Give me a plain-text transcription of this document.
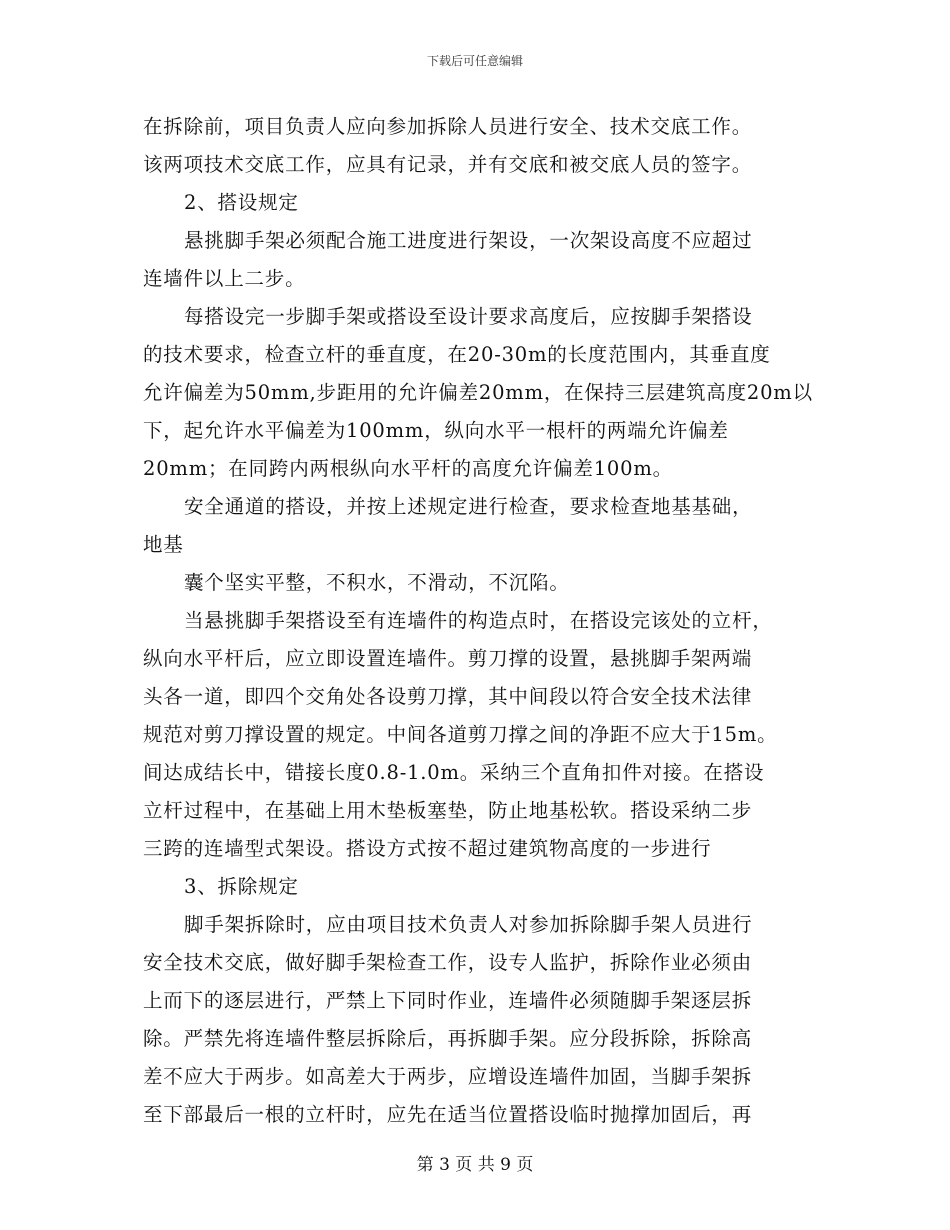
下载后可任意编辑
在拆除前，项目负责人应向参加拆除人员进行安全、技术交底工作。
该两项技术交底工作，应具有记录，并有交底和被交底人员的签字。
2、搭设规定
悬挑脚手架必须配合施工进度进行架设，一次架设高度不应超过
连墙件以上二步。
每搭设完一步脚手架或搭设至设计要求高度后，应按脚手架搭设
的技术要求，检查立杆的垂直度，在20-30m的长度范围内，其垂直度
允许偏差为50mm,步距用的允许偏差20mm，在保持三层建筑高度20m以
下，起允许水平偏差为100mm，纵向水平一根杆的两端允许偏差
20mm；在同跨内两根纵向水平杆的高度允许偏差100m。
安全通道的搭设，并按上述规定进行检查，要求检查地基基础，
地基
囊个坚实平整，不积水，不滑动，不沉陷。
当悬挑脚手架搭设至有连墙件的构造点时，在搭设完该处的立杆，
纵向水平杆后，应立即设置连墙件。剪刀撑的设置，悬挑脚手架两端
头各一道，即四个交角处各设剪刀撑，其中间段以符合安全技术法律
规范对剪刀撑设置的规定。中间各道剪刀撑之间的净距不应大于15m。
间达成结长中，错接长度0.8-1.0m。采纳三个直角扣件对接。在搭设
立杆过程中，在基础上用木垫板塞垫，防止地基松软。搭设采纳二步
三跨的连墙型式架设。搭设方式按不超过建筑物高度的一步进行
3、拆除规定
脚手架拆除时，应由项目技术负责人对参加拆除脚手架人员进行
安全技术交底，做好脚手架检查工作，设专人监护，拆除作业必须由
上而下的逐层进行，严禁上下同时作业，连墙件必须随脚手架逐层拆
除。严禁先将连墙件整层拆除后，再拆脚手架。应分段拆除，拆除高
差不应大于两步。如高差大于两步，应增设连墙件加固，当脚手架拆
至下部最后一根的立杆时，应先在适当位置搭设临时抛撑加固后，再
第 3 页 共 9 页
